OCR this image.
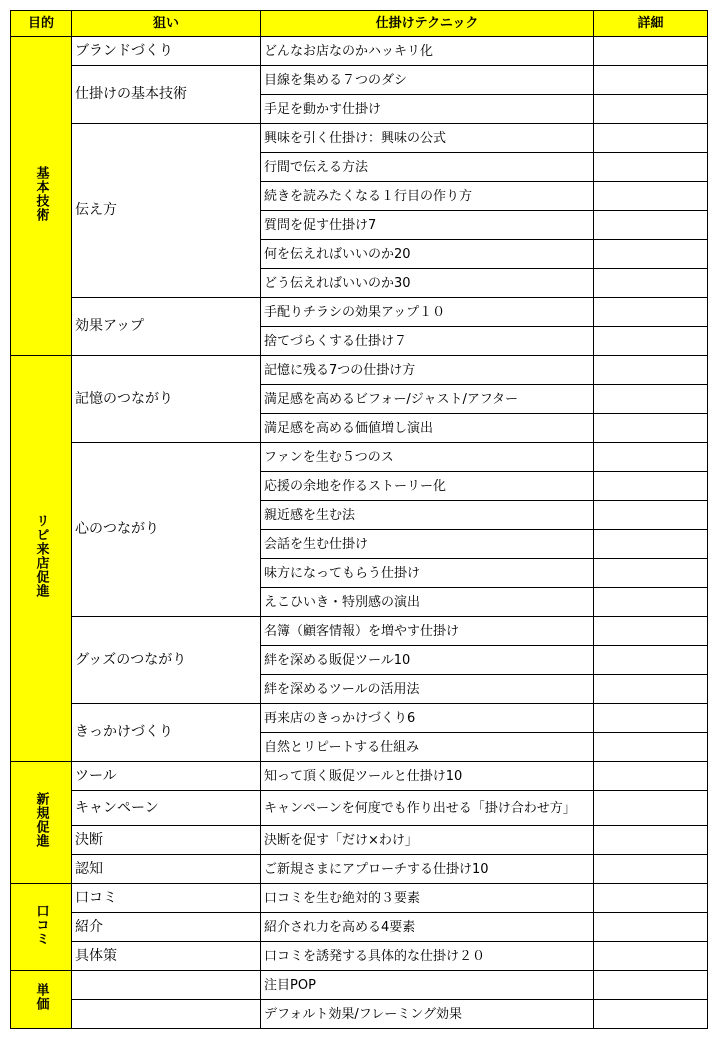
目的	狙い	仕掛けテクニック	詳細
基本技術	ブランドづくり	どんなお店なのかハッキリ化	
	仕掛けの基本技術	目線を集める７つのダシ	
		手足を動かす仕掛け	
	伝え方	興味を引く仕掛け：興味の公式	
		行間で伝える方法	
		続きを読みたくなる１行目の作り方	
		質問を促す仕掛け7	
		何を伝えればいいのか20	
		どう伝えればいいのか30	
	効果アップ	手配りチラシの効果アップ１０	
		捨てづらくする仕掛け７	
リピ来店促進	記憶のつながり	記憶に残る7つの仕掛け方	
		満足感を高めるビフォー/ジャスト/アフター	
		満足感を高める価値増し演出	
	心のつながり	ファンを生む５つのス	
		応援の余地を作るストーリー化	
		親近感を生む法	
		会話を生む仕掛け	
		味方になってもらう仕掛け	
		えこひいき・特別感の演出	
	グッズのつながり	名簿（顧客情報）を増やす仕掛け	
		絆を深める販促ツール10	
		絆を深めるツールの活用法	
	きっかけづくり	再来店のきっかけづくり6	
		自然とリピートする仕組み	
新規促進	ツール	知って頂く販促ツールと仕掛け10	
	キャンペーン	キャンペーンを何度でも作り出せる「掛け合わせ方」	
	決断	決断を促す「だけ×わけ」	
	認知	ご新規さまにアプローチする仕掛け10	
口コミ	口コミ	口コミを生む絶対的３要素	
	紹介	紹介され力を高める4要素	
	具体策	口コミを誘発する具体的な仕掛け２０	
単価		注目POP	
		デフォルト効果/フレーミング効果	
